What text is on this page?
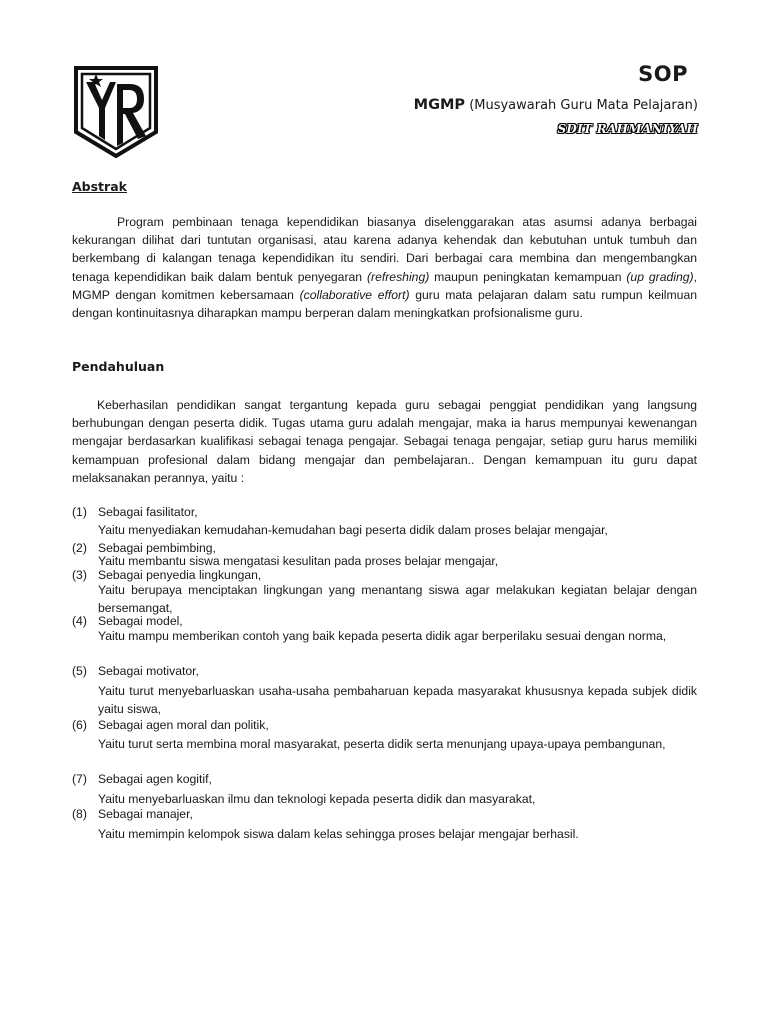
SOP
MGMP (Musyawarah Guru Mata Pelajaran)
SDIT RAHMANIYAH
Abstrak
Program pembinaan tenaga kependidikan biasanya diselenggarakan atas asumsi adanya berbagai kekurangan dilihat dari tuntutan organisasi, atau karena adanya kehendak dan kebutuhan untuk tumbuh dan berkembang di kalangan tenaga kependidikan itu sendiri. Dari berbagai cara membina dan mengembangkan tenaga kependidikan baik dalam bentuk penyegaran (refreshing) maupun peningkatan kemampuan (up grading), MGMP dengan komitmen kebersamaan (collaborative effort) guru mata pelajaran dalam satu rumpun keilmuan dengan kontinuitasnya diharapkan mampu berperan dalam meningkatkan profsionalisme guru.
Pendahuluan
Keberhasilan pendidikan sangat tergantung kepada guru sebagai penggiat pendidikan yang langsung berhubungan dengan peserta didik. Tugas utama guru adalah mengajar, maka ia harus mempunyai kewenangan mengajar berdasarkan kualifikasi sebagai tenaga pengajar. Sebagai tenaga pengajar, setiap guru harus memiliki kemampuan profesional dalam bidang mengajar dan pembelajaran.. Dengan kemampuan itu guru dapat melaksanakan perannya, yaitu :
(1) Sebagai fasilitator,
Yaitu menyediakan kemudahan-kemudahan bagi peserta didik dalam proses belajar mengajar,
(2) Sebagai pembimbing,
Yaitu membantu siswa mengatasi kesulitan pada proses belajar mengajar,
(3) Sebagai penyedia lingkungan,
Yaitu berupaya menciptakan lingkungan yang menantang siswa agar melakukan kegiatan belajar dengan bersemangat,
(4) Sebagai model,
Yaitu mampu memberikan contoh yang baik kepada peserta didik agar berperilaku sesuai dengan norma,
(5) Sebagai motivator,
Yaitu turut menyebarluaskan usaha-usaha pembaharuan kepada masyarakat khususnya kepada subjek didik yaitu siswa,
(6) Sebagai agen moral dan politik,
Yaitu turut serta membina moral masyarakat, peserta didik serta menunjang upaya-upaya pembangunan,
(7) Sebagai agen kogitif,
Yaitu menyebarluaskan ilmu dan teknologi kepada peserta didik dan masyarakat,
(8) Sebagai manajer,
Yaitu memimpin kelompok siswa dalam kelas sehingga proses belajar mengajar berhasil.
